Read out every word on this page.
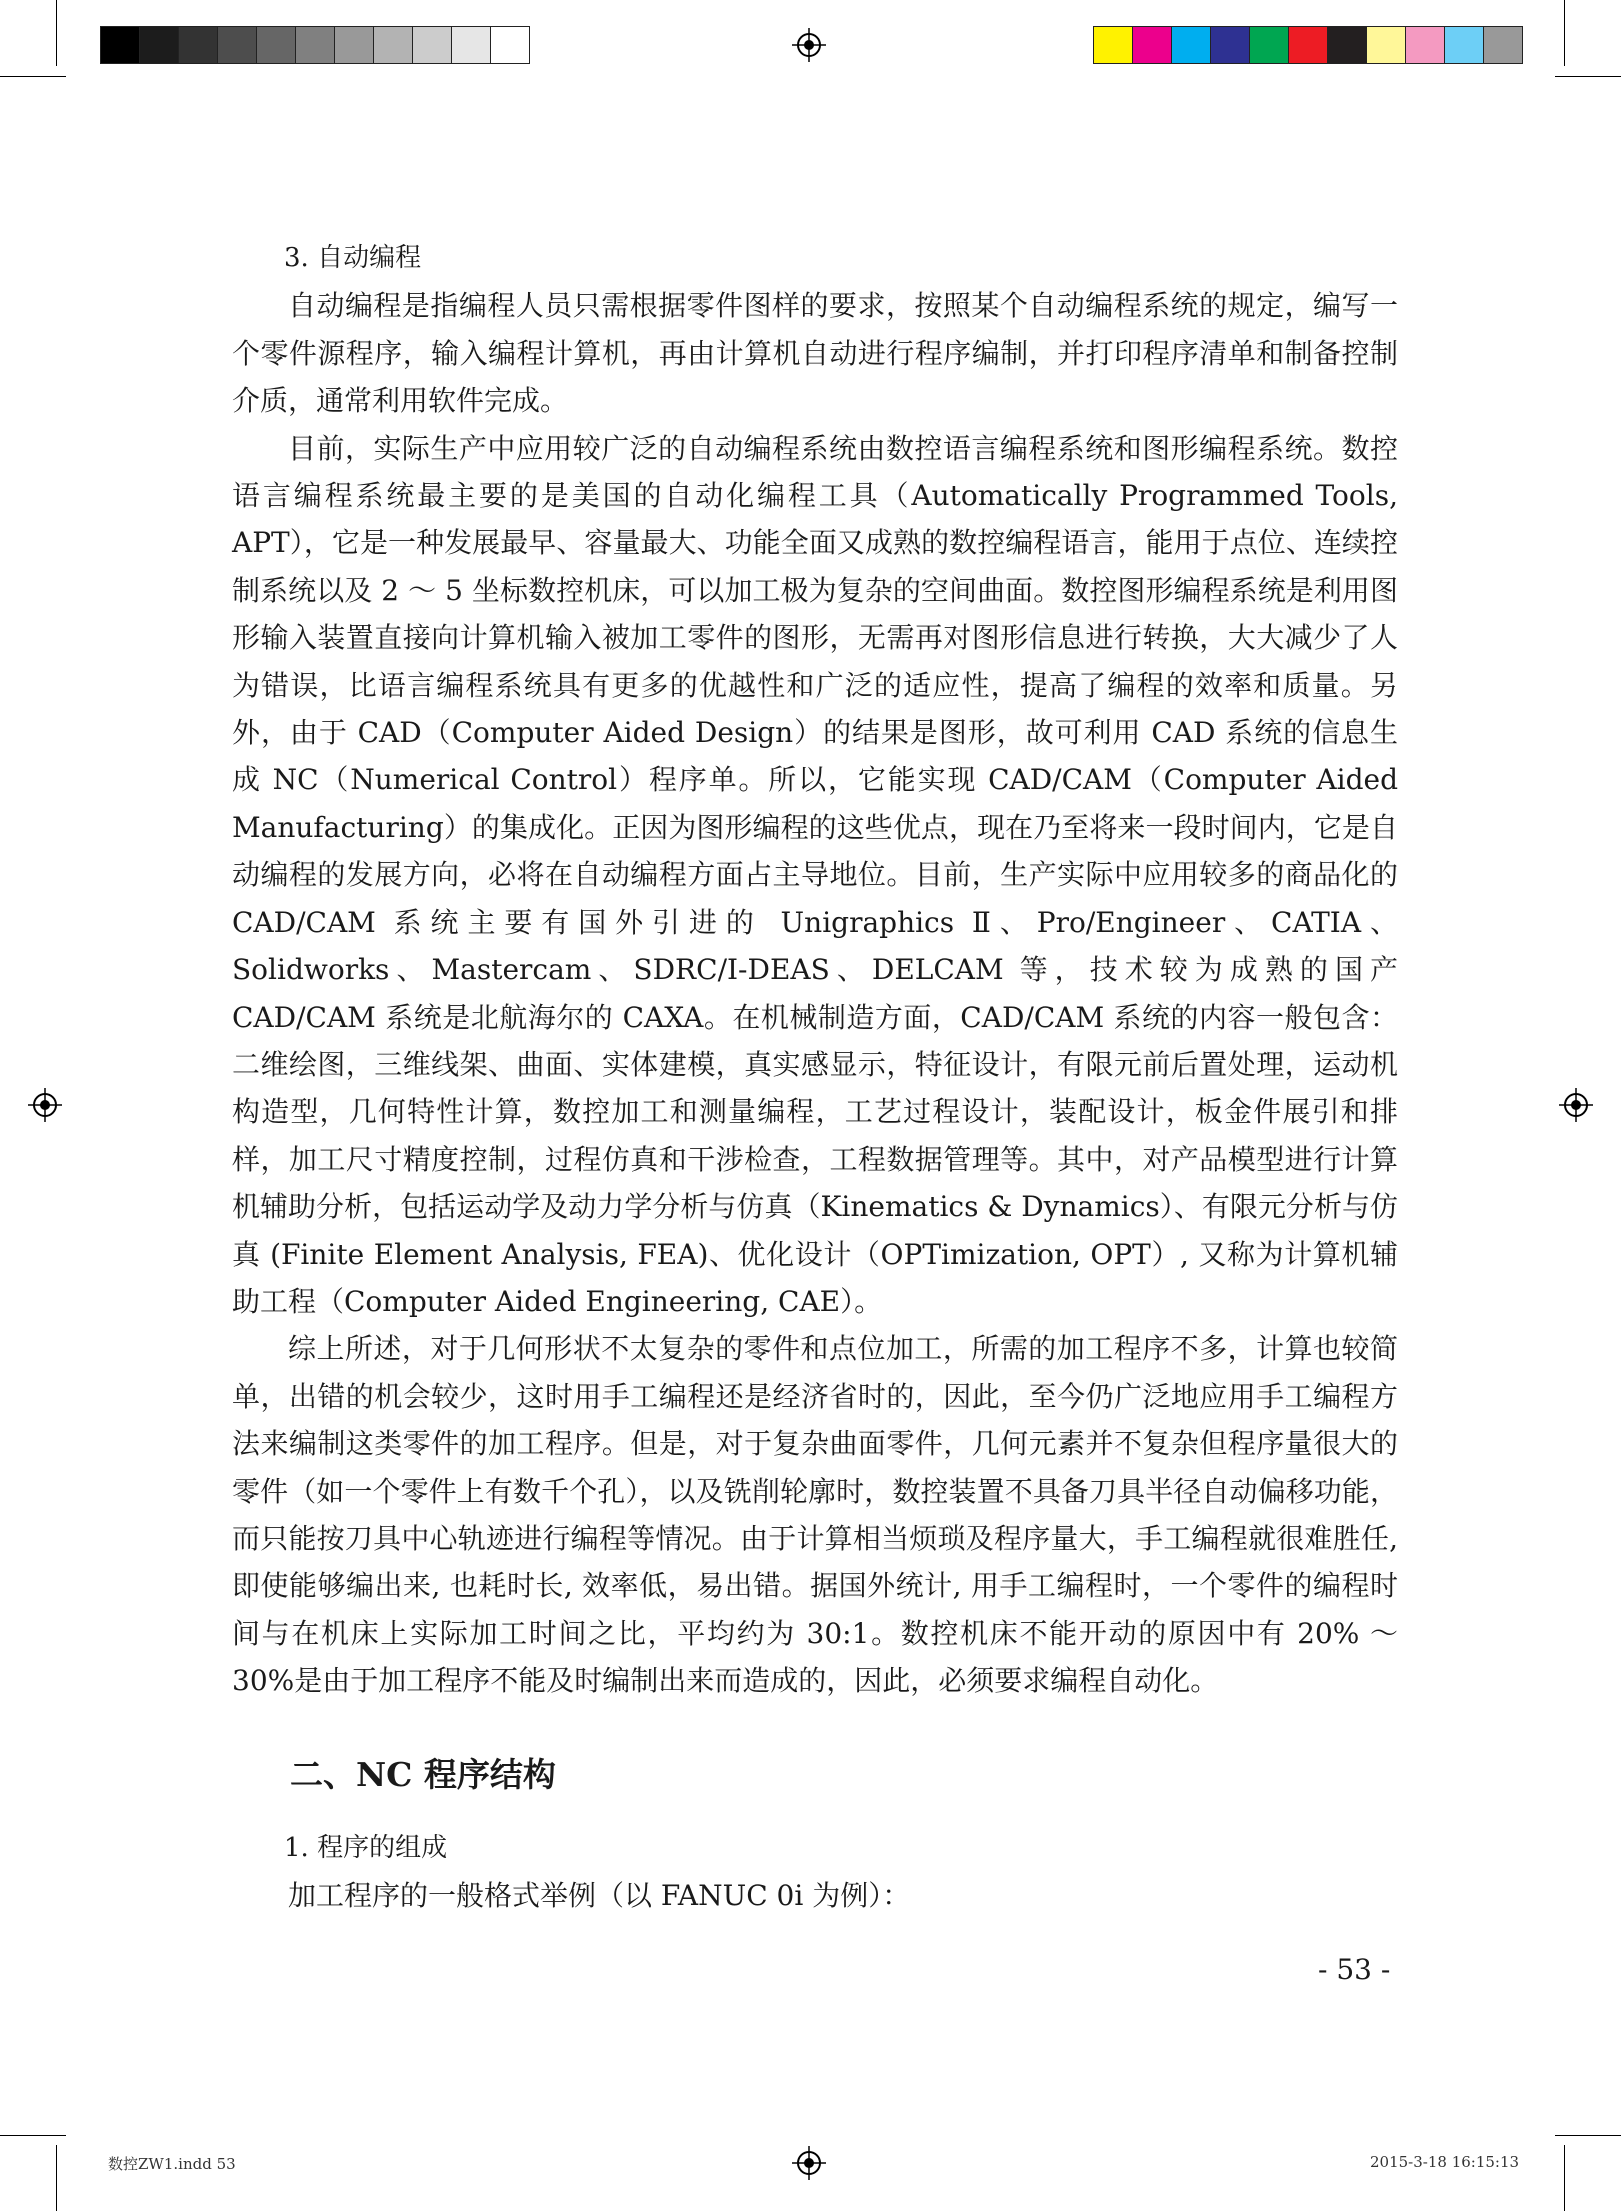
3. 自动编程

自动编程是指编程人员只需根据零件图样的要求，按照某个自动编程系统的规定，编写一个零件源程序，输入编程计算机，再由计算机自动进行程序编制，并打印程序清单和制备控制介质，通常利用软件完成。

目前，实际生产中应用较广泛的自动编程系统由数控语言编程系统和图形编程系统。数控语言编程系统最主要的是美国的自动化编程工具（Automatically Programmed Tools, APT），它是一种发展最早、容量最大、功能全面又成熟的数控编程语言，能用于点位、连续控制系统以及 2 ～ 5 坐标数控机床，可以加工极为复杂的空间曲面。数控图形编程系统是利用图形输入装置直接向计算机输入被加工零件的图形，无需再对图形信息进行转换，大大减少了人为错误，比语言编程系统具有更多的优越性和广泛的适应性，提高了编程的效率和质量。另外，由于 CAD（Computer Aided Design）的结果是图形，故可利用 CAD 系统的信息生成 NC（Numerical Control）程序单。所以，它能实现 CAD/CAM（Computer Aided Manufacturing）的集成化。正因为图形编程的这些优点，现在乃至将来一段时间内，它是自动编程的发展方向，必将在自动编程方面占主导地位。目前，生产实际中应用较多的商品化的 CAD/CAM 系统主要有国外引进的 Unigraphics Ⅱ、Pro/Engineer、CATIA、Solidworks、Mastercam、SDRC/I-DEAS、DELCAM 等，技术较为成熟的国产 CAD/CAM 系统是北航海尔的 CAXA。在机械制造方面，CAD/CAM 系统的内容一般包含：二维绘图，三维线架、曲面、实体建模，真实感显示，特征设计，有限元前后置处理，运动机构造型，几何特性计算，数控加工和测量编程，工艺过程设计，装配设计，板金件展引和排样，加工尺寸精度控制，过程仿真和干涉检查，工程数据管理等。其中，对产品模型进行计算机辅助分析，包括运动学及动力学分析与仿真（Kinematics & Dynamics）、有限元分析与仿真 (Finite Element Analysis, FEA)、优化设计（OPTimization, OPT）, 又称为计算机辅助工程（Computer Aided Engineering, CAE）。

综上所述，对于几何形状不太复杂的零件和点位加工，所需的加工程序不多，计算也较简单，出错的机会较少，这时用手工编程还是经济省时的，因此，至今仍广泛地应用手工编程方法来编制这类零件的加工程序。但是，对于复杂曲面零件，几何元素并不复杂但程序量很大的零件（如一个零件上有数千个孔），以及铣削轮廓时，数控装置不具备刀具半径自动偏移功能，而只能按刀具中心轨迹进行编程等情况。由于计算相当烦琐及程序量大，手工编程就很难胜任, 即使能够编出来, 也耗时长, 效率低，易出错。据国外统计, 用手工编程时，一个零件的编程时间与在机床上实际加工时间之比，平均约为 30:1。数控机床不能开动的原因中有 20% ～ 30%是由于加工程序不能及时编制出来而造成的，因此，必须要求编程自动化。

二、NC 程序结构
1. 程序的组成
加工程序的一般格式举例（以 FANUC 0i 为例）：
- 53 -
数控ZW1.indd 53	2015-3-18 16:15:13
